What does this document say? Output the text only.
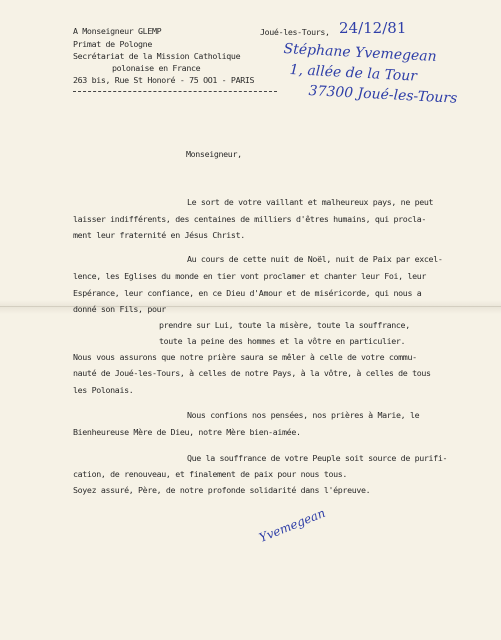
A Monseigneur GLEMP
Primat de Pologne
Secrétariat de la Mission Catholique
polonaise en France
263 bis, Rue St Honoré - 75 OO1 - PARIS
Joué-les-Tours, 24/12/81
Stéphane Yvemegean
1, allée de la Tour
37300 Joué-les-Tours
Monseigneur,
Le sort de votre vaillant et malheureux pays, ne peut
laisser indifférents, des centaines de milliers d'êtres humains, qui procla-
ment leur fraternité en Jésus Christ.
Au cours de cette nuit de Noël, nuit de Paix par excel-
lence, les Eglises du monde en tier vont proclamer et chanter leur Foi, leur
Espérance, leur confiance, en ce Dieu d'Amour et de miséricorde, qui nous a
donné son Fils, pour
prendre sur Lui, toute la misère, toute la souffrance,
toute la peine des hommes et la vôtre en particulier.
Nous vous assurons que notre prière saura se mêler à celle de votre commu-
nauté de Joué-les-Tours, à celles de notre Pays, à la vôtre, à celles de tous
les Polonais.
Nous confions nos pensées, nos prières à Marie, le
Bienheureuse Mère de Dieu, notre Mère bien-aimée.
Que la souffrance de votre Peuple soit source de purifi-
cation, de renouveau, et finalement de paix pour nous tous.
Soyez assuré, Père, de notre profonde solidarité dans l'épreuve.
Yvemegean
